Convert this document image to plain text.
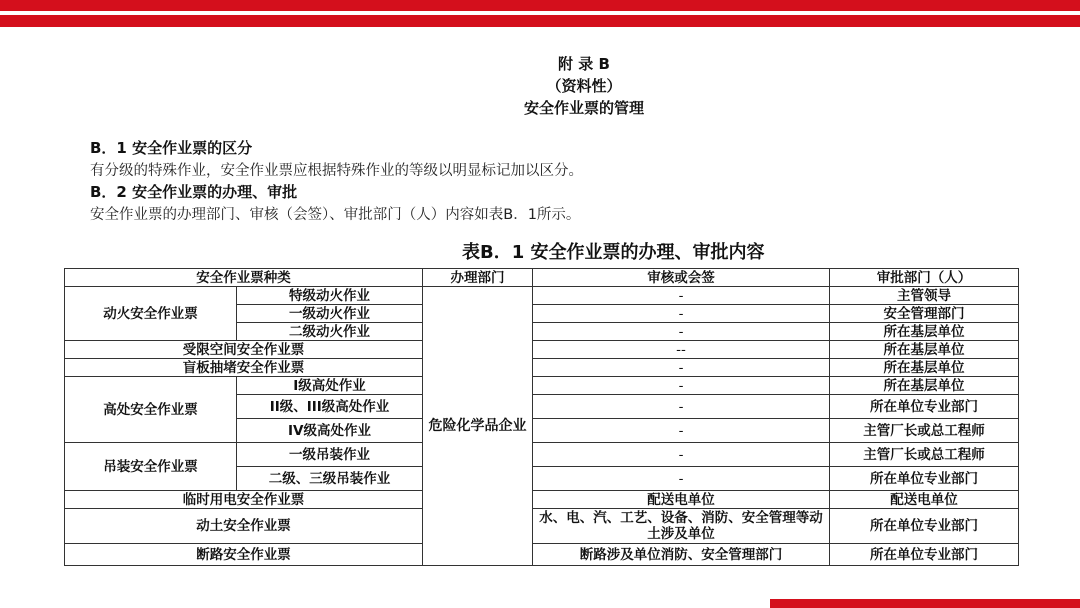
附 录 B
（资料性）
安全作业票的管理
B．1 安全作业票的区分
有分级的特殊作业，安全作业票应根据特殊作业的等级以明显标记加以区分。
B．2 安全作业票的办理、审批
安全作业票的办理部门、审核（会签）、审批部门（人）内容如表B．1所示。
表B．1 安全作业票的办理、审批内容
安全作业票种类		办理部门	审核或会签	审批部门（人）
动火安全作业票	特级动火作业	危险化学品企业	-	主管领导
	一级动火作业		-	安全管理部门
	二级动火作业		-	所在基层单位
受限空间安全作业票			--	所在基层单位
盲板抽堵安全作业票			-	所在基层单位
高处安全作业票	I级高处作业		-	所在基层单位
	II级、III级高处作业		-	所在单位专业部门
	IV级高处作业		-	主管厂长或总工程师
吊装安全作业票	一级吊装作业		-	主管厂长或总工程师
	二级、三级吊装作业		-	所在单位专业部门
临时用电安全作业票			配送电单位	配送电单位
动土安全作业票			水、电、汽、工艺、设备、消防、安全管理等动土涉及单位	所在单位专业部门
断路安全作业票			断路涉及单位消防、安全管理部门	所在单位专业部门
